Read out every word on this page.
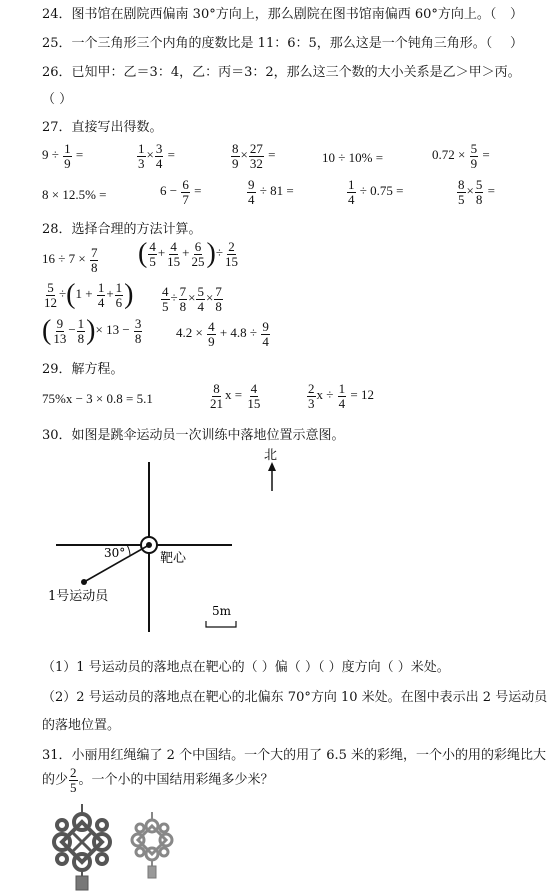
24．图书馆在剧院西偏南 30°方向上，那么剧院在图书馆南偏西 60°方向上。（ ）
25．一个三角形三个内角的度数比是 11：6：5，那么这是一个钝角三角形。（ ）
26．已知甲：乙＝3：4，乙：丙＝3：2，那么这三个数的大小关系是乙＞甲＞丙。
（ ）
27．直接写出得数。
$9 \div \frac{1}{9}$ =	$\frac{1}{3} \times \frac{3}{4}$ =	$\frac{8}{9} \times \frac{27}{32}$ =	10 ÷ 10% =	$0.72 \times \frac{5}{9}$ =
8 × 12.5% =	$6 - \frac{6}{7}$ =	$\frac{9}{4} \div 81$ =	$\frac{1}{4} \div 0.75$ =	$\frac{8}{5} \times \frac{5}{8}$ =
28．选择合理的方法计算。
$16 \div 7 \times \frac{7}{8}$ ( $\frac{4}{5} + \frac{4}{15} + \frac{6}{25}$ )÷ $\frac{2}{15}$
$\frac{5}{12} \div(1 + \frac{1}{4} + \frac{1}{6}$ ) $\frac{4}{5} \div \frac{7}{8} \times \frac{5}{4} \times \frac{7}{8}$
( $\frac{9}{13} - \frac{1}{8}$ )× $13 - \frac{3}{8}$	$4.2 \times \frac{4}{9} + 4.8 \div \frac{9}{4}$
29．解方程。
75%x − 3 × 0.8 = 5.1	$\frac{8}{21}$ $x = \frac{4}{15}$	$\frac{2}{3}$ $x \div \frac{1}{4} = 12$
30．如图是跳伞运动员一次训练中落地位置示意图。
30°	靶心
1号运动员
北
5m
（1）1 号运动员的落地点在靶心的（ ）偏（ ）（ ）度方向（ ）米处。
（2）2 号运动员的落地点在靶心的北偏东 70°方向 10 米处。在图中表示出 2 号运动员
的落地位置。
31．小丽用红绳编了 2 个中国结。一个大的用了 6.5 米的彩绳，一个小的用的彩绳比大
的少 $\frac{2}{5}$ 。一个小的中国结用彩绳多少米？
